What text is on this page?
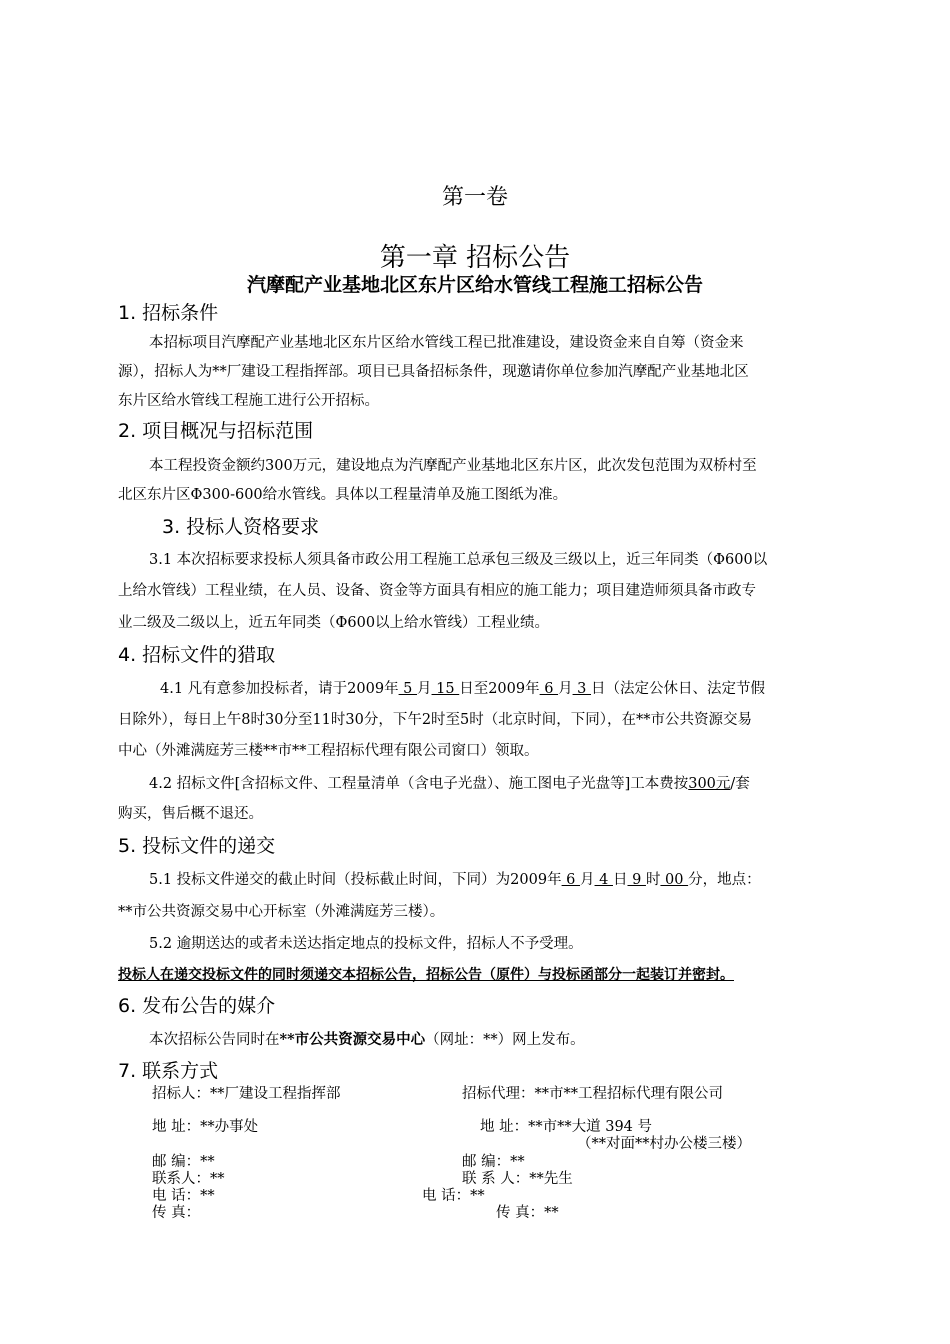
第一卷
第一章 招标公告
汽摩配产业基地北区东片区给水管线工程施工招标公告
1. 招标条件
本招标项目汽摩配产业基地北区东片区给水管线工程已批准建设，建设资金来自自筹（资金来
源），招标人为**厂建设工程指挥部。项目已具备招标条件，现邀请你单位参加汽摩配产业基地北区
东片区给水管线工程施工进行公开招标。
2. 项目概况与招标范围
本工程投资金额约300万元，建设地点为汽摩配产业基地北区东片区，此次发包范围为双桥村至
北区东片区Φ300-600给水管线。具体以工程量清单及施工图纸为准。
3. 投标人资格要求
3.1 本次招标要求投标人须具备市政公用工程施工总承包三级及三级以上，近三年同类（Φ600以
上给水管线）工程业绩，在人员、设备、资金等方面具有相应的施工能力；项目建造师须具备市政专
业二级及二级以上，近五年同类（Φ600以上给水管线）工程业绩。
4. 招标文件的猎取
4.1 凡有意参加投标者，请于2009年 5 月 15 日至2009年 6 月 3 日（法定公休日、法定节假
日除外），每日上午8时30分至11时30分，下午2时至5时（北京时间，下同），在**市公共资源交易
中心（外滩满庭芳三楼**市**工程招标代理有限公司窗口）领取。
4.2 招标文件[含招标文件、工程量清单（含电子光盘）、施工图电子光盘等]工本费按300元/套
购买，售后概不退还。
5. 投标文件的递交
5.1 投标文件递交的截止时间（投标截止时间，下同）为2009年 6 月 4 日 9 时 00 分，地点：
**市公共资源交易中心开标室（外滩满庭芳三楼）。
5.2 逾期送达的或者未送达指定地点的投标文件，招标人不予受理。
投标人在递交投标文件的同时须递交本招标公告，招标公告（原件）与投标函部分一起装订并密封。
6. 发布公告的媒介
本次招标公告同时在**市公共资源交易中心（网址：**）网上发布。
7. 联系方式
招标人：**厂建设工程指挥部	招标代理：**市**工程招标代理有限公司
地 址：**办事处	地 址：**市**大道 394 号
（**对面**村办公楼三楼）
邮 编：**	邮 编：**
联系人：**	联 系 人：**先生
电 话：**	电 话：**
传 真：	传 真：**
